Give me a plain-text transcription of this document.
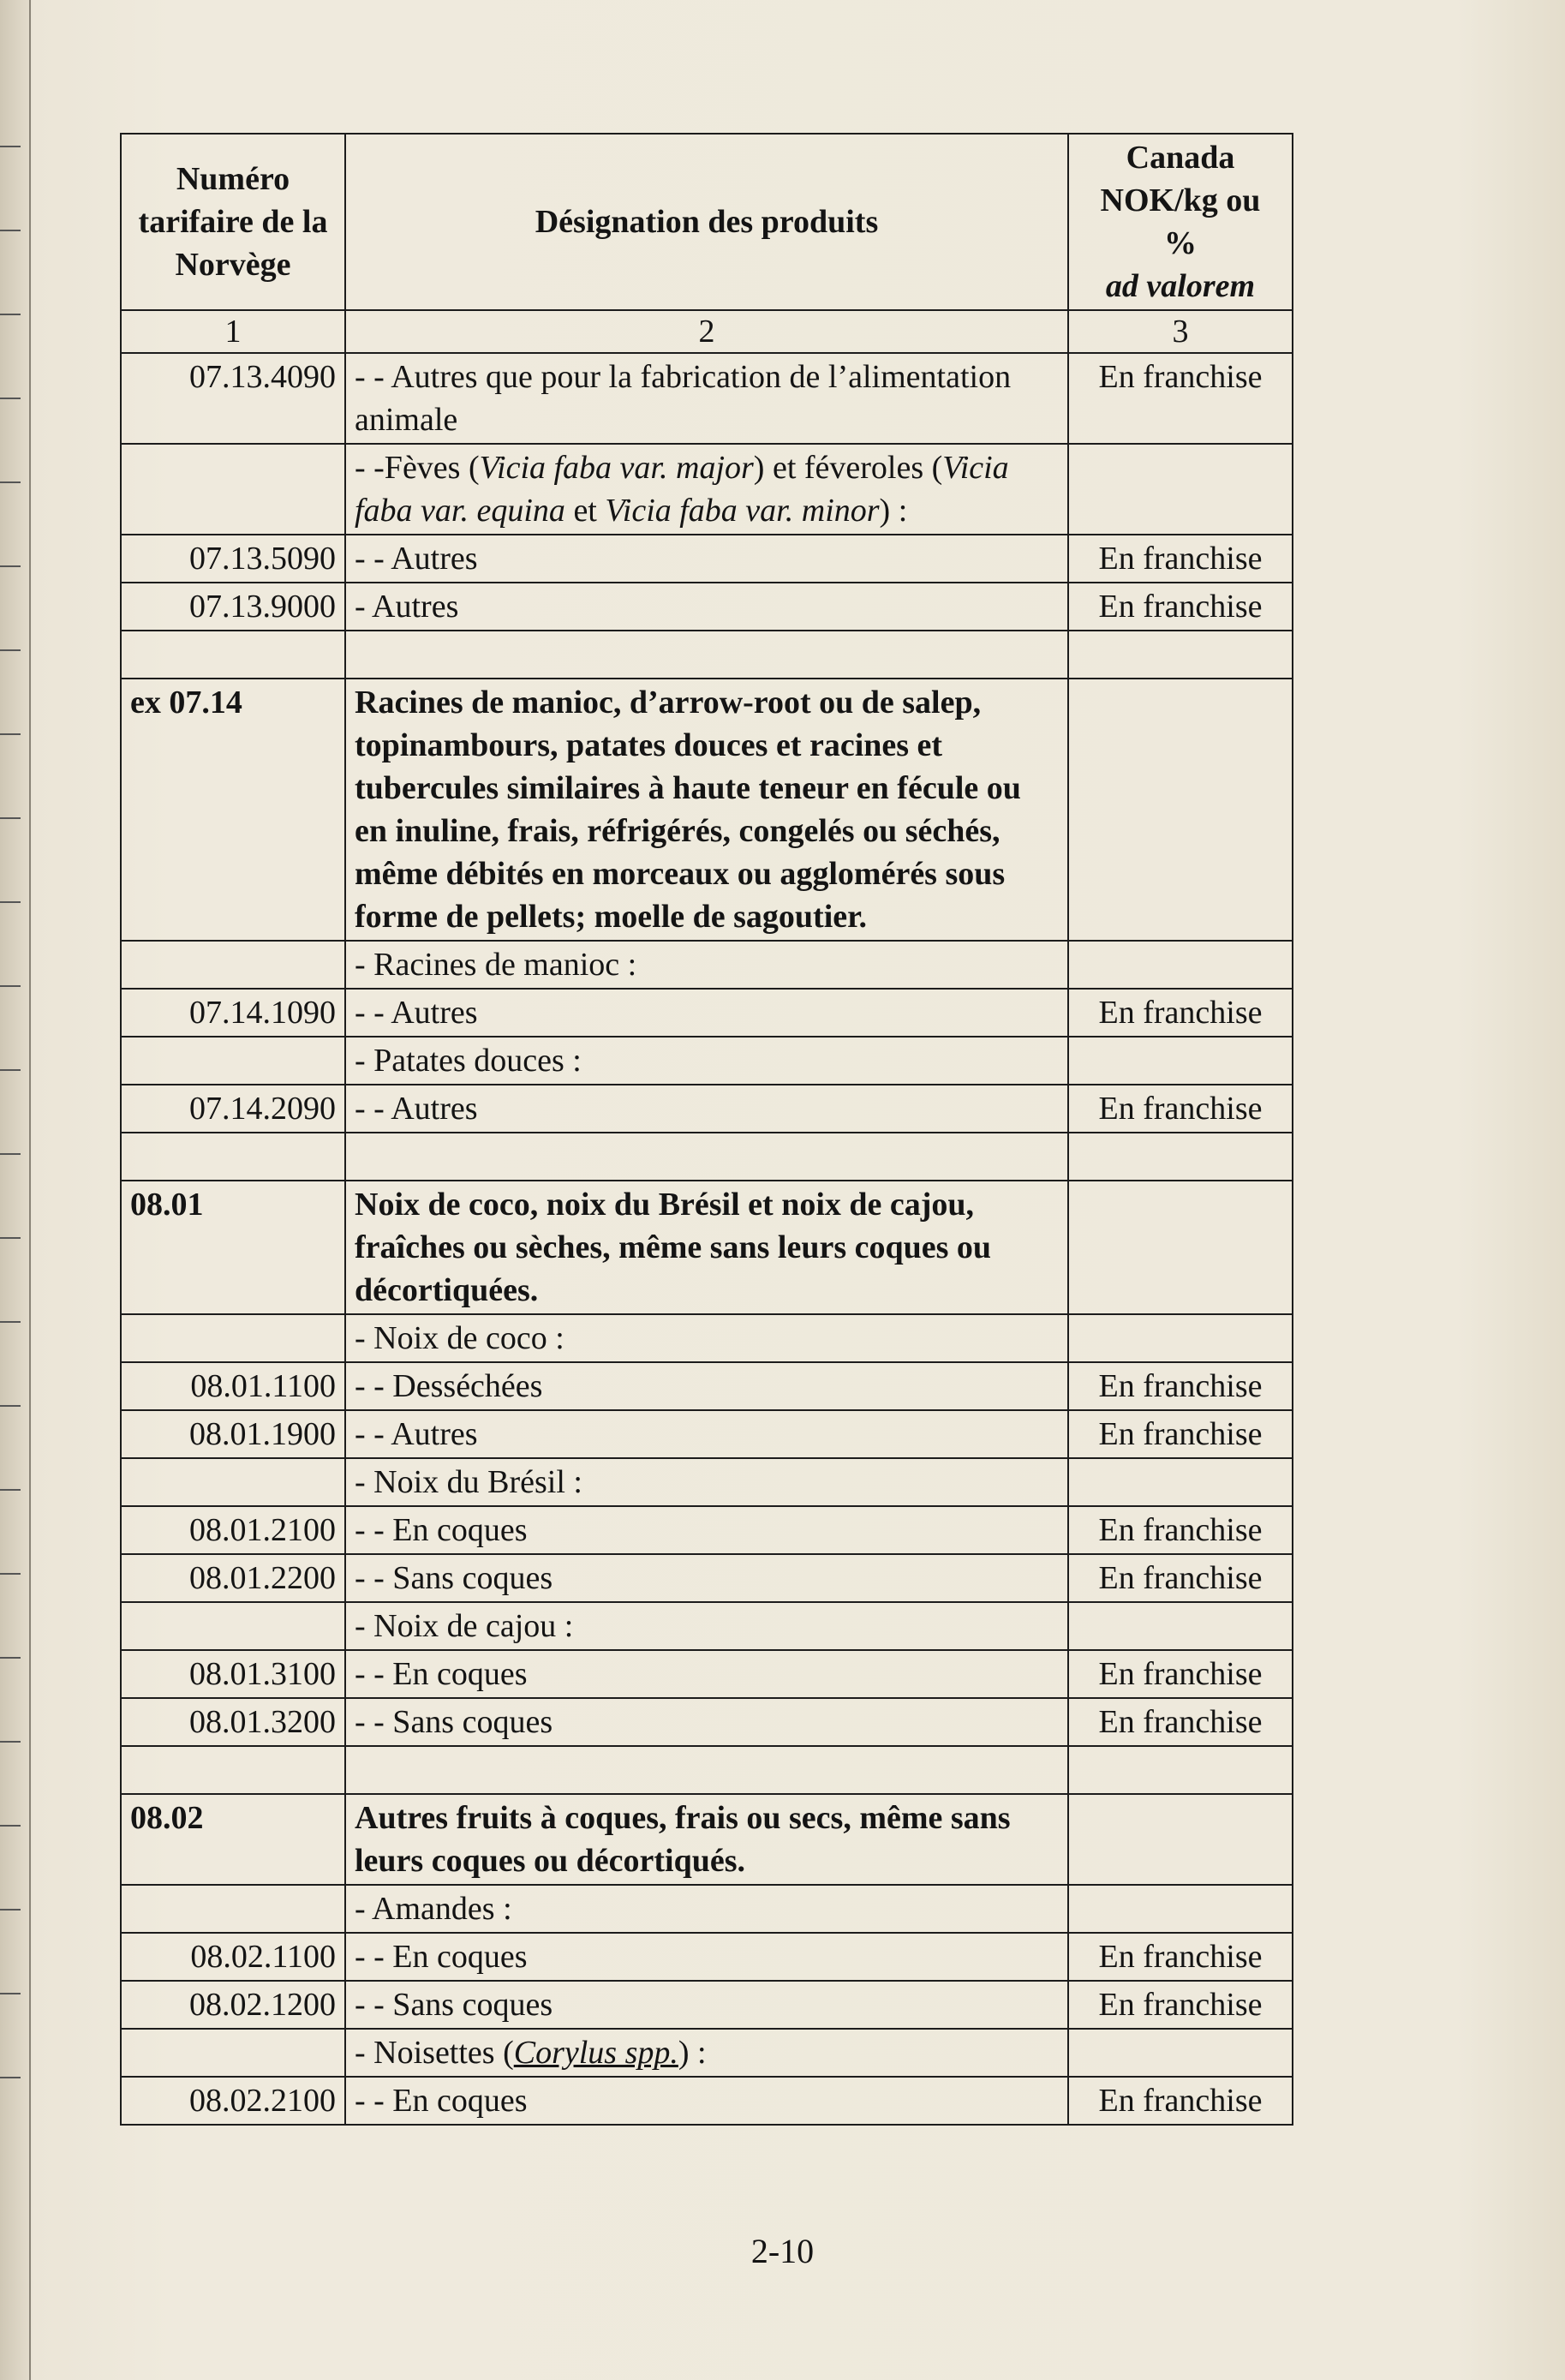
Numéro tarifaire de la Norvège	Désignation des produits	Canada
NOK/kg ou
%
ad valorem
1	2	3
07.13.4090	- - Autres que pour la fabrication de l’alimentation animale	En franchise
	- -Fèves (Vicia faba var. major) et féveroles (Vicia faba var. equina et Vicia faba var. minor) :	
07.13.5090	- - Autres	En franchise
07.13.9000	- Autres	En franchise

ex 07.14	Racines de manioc, d’arrow-root ou de salep, topinambours, patates douces et racines et tubercules similaires à haute teneur en fécule ou en inuline, frais, réfrigérés, congelés ou séchés, même débités en morceaux ou agglomérés sous forme de pellets; moelle de sagoutier.	
	- Racines de manioc :	
07.14.1090	- - Autres	En franchise
	- Patates douces :	
07.14.2090	- - Autres	En franchise

08.01	Noix de coco, noix du Brésil et noix de cajou, fraîches ou sèches, même sans leurs coques ou décortiquées.	
	- Noix de coco :	
08.01.1100	- - Desséchées	En franchise
08.01.1900	- - Autres	En franchise
	- Noix du Brésil :	
08.01.2100	- - En coques	En franchise
08.01.2200	- - Sans coques	En franchise
	- Noix de cajou :	
08.01.3100	- - En coques	En franchise
08.01.3200	- - Sans coques	En franchise

08.02	Autres fruits à coques, frais ou secs, même sans leurs coques ou décortiqués.	
	- Amandes :	
08.02.1100	- - En coques	En franchise
08.02.1200	- - Sans coques	En franchise
	- Noisettes (Corylus spp.) :	
08.02.2100	- - En coques	En franchise
2-10
